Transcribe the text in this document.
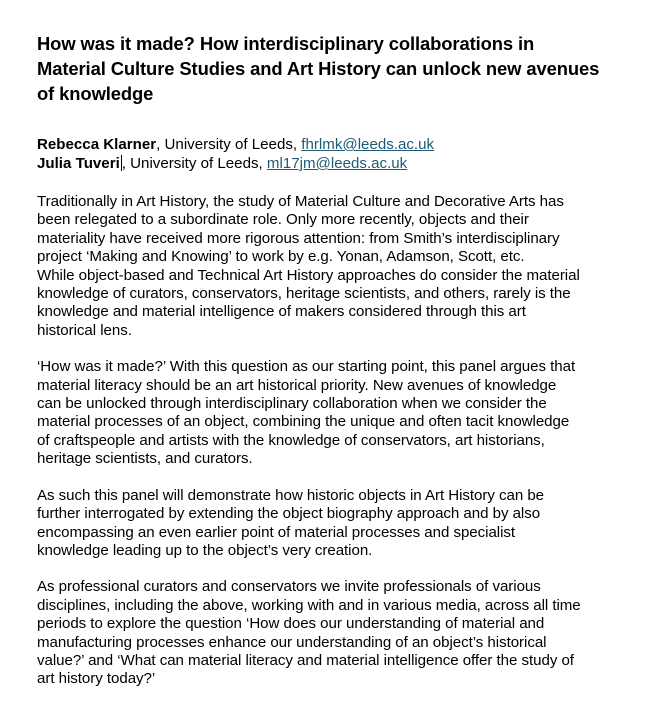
How was it made? How interdisciplinary collaborations in
Material Culture Studies and Art History can unlock new avenues
of knowledge
Rebecca Klarner, University of Leeds, fhrlmk@leeds.ac.uk
Julia Tuveri , University of Leeds, ml17jm@leeds.ac.uk

Traditionally in Art History, the study of Material Culture and Decorative Arts has
been relegated to a subordinate role. Only more recently, objects and their
materiality have received more rigorous attention: from Smith’s interdisciplinary
project ‘Making and Knowing’ to work by e.g. Yonan, Adamson, Scott, etc.
While object-based and Technical Art History approaches do consider the material
knowledge of curators, conservators, heritage scientists, and others, rarely is the
knowledge and material intelligence of makers considered through this art
historical lens.

‘How was it made?’ With this question as our starting point, this panel argues that
material literacy should be an art historical priority. New avenues of knowledge
can be unlocked through interdisciplinary collaboration when we consider the
material processes of an object, combining the unique and often tacit knowledge
of craftspeople and artists with the knowledge of conservators, art historians,
heritage scientists, and curators.

As such this panel will demonstrate how historic objects in Art History can be
further interrogated by extending the object biography approach and by also
encompassing an even earlier point of material processes and specialist
knowledge leading up to the object’s very creation.

As professional curators and conservators we invite professionals of various
disciplines, including the above, working with and in various media, across all time
periods to explore the question ‘How does our understanding of material and
manufacturing processes enhance our understanding of an object’s historical
value?’ and ‘What can material literacy and material intelligence offer the study of
art history today?’
